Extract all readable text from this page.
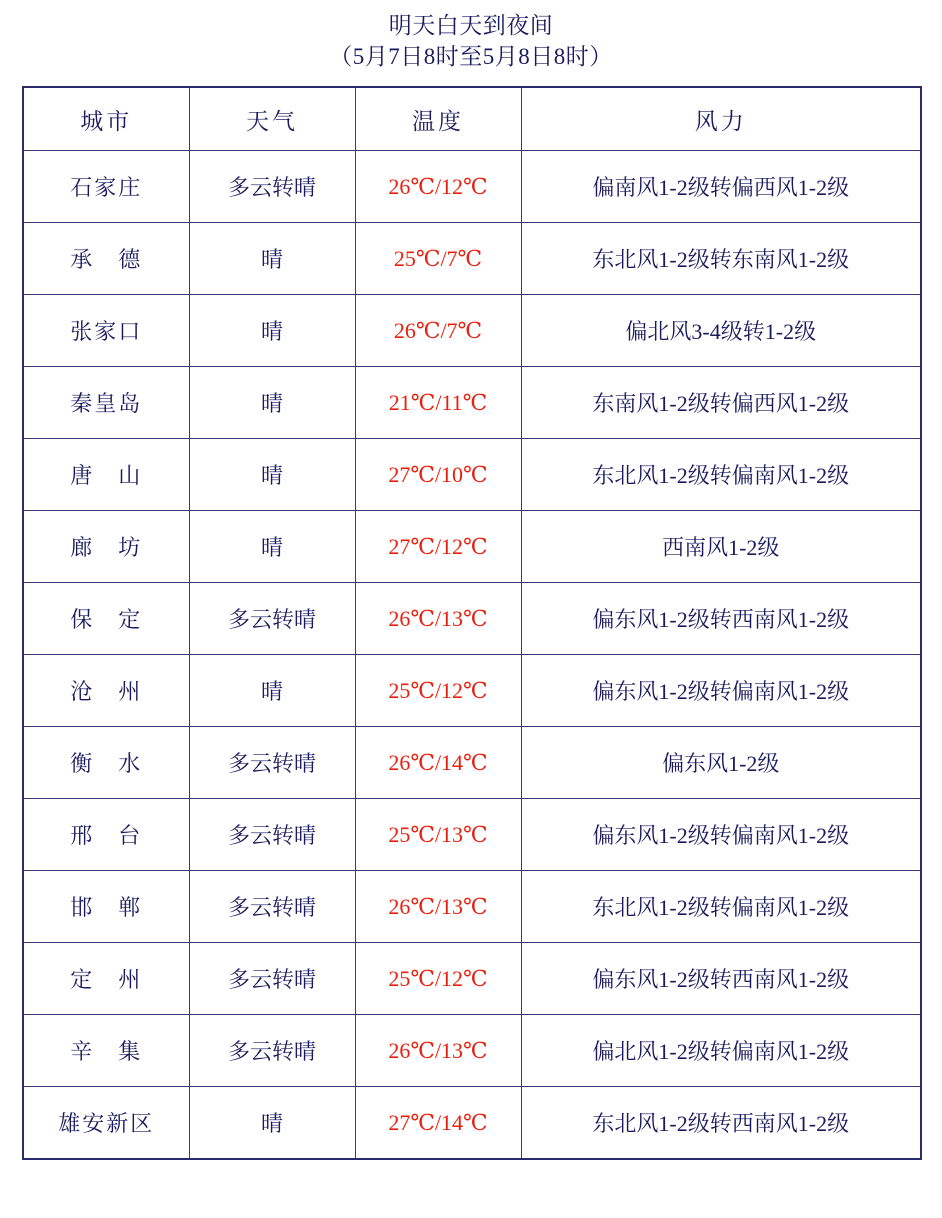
明天白天到夜间
（5月7日8时至5月8日8时）
城市	天气	温度	风力
石家庄	多云转晴	26℃/12℃	偏南风1-2级转偏西风1-2级
承　德	晴	25℃/7℃	东北风1-2级转东南风1-2级
张家口	晴	26℃/7℃	偏北风3-4级转1-2级
秦皇岛	晴	21℃/11℃	东南风1-2级转偏西风1-2级
唐　山	晴	27℃/10℃	东北风1-2级转偏南风1-2级
廊　坊	晴	27℃/12℃	西南风1-2级
保　定	多云转晴	26℃/13℃	偏东风1-2级转西南风1-2级
沧　州	晴	25℃/12℃	偏东风1-2级转偏南风1-2级
衡　水	多云转晴	26℃/14℃	偏东风1-2级
邢　台	多云转晴	25℃/13℃	偏东风1-2级转偏南风1-2级
邯　郸	多云转晴	26℃/13℃	东北风1-2级转偏南风1-2级
定　州	多云转晴	25℃/12℃	偏东风1-2级转西南风1-2级
辛　集	多云转晴	26℃/13℃	偏北风1-2级转偏南风1-2级
雄安新区	晴	27℃/14℃	东北风1-2级转西南风1-2级
